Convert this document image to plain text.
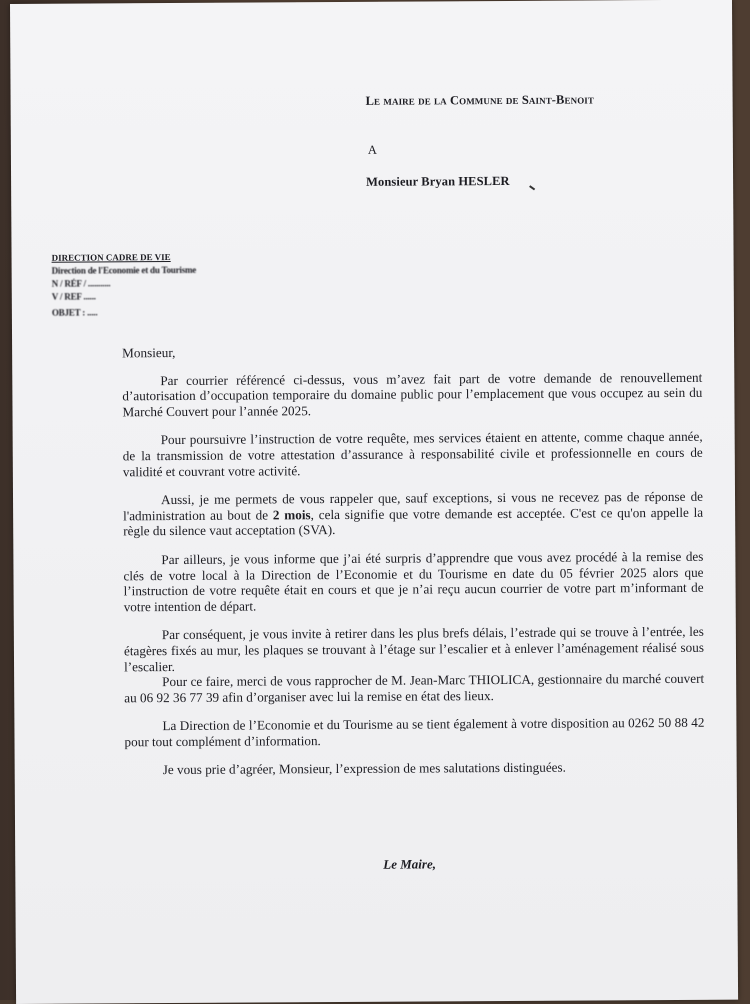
Le maire de la Commune de Saint-Benoit
A
Monsieur Bryan HESLER
DIRECTION CADRE DE VIE
Direction de l'Economie et du Tourisme
N / RÉF / ...........
V / REF ......
OBJET : .....
Monsieur,

Par courrier référencé ci-dessus, vous m’avez fait part de votre demande de renouvellement d’autorisation d’occupation temporaire du domaine public pour l’emplacement que vous occupez au sein du Marché Couvert pour l’année 2025.

Pour poursuivre l’instruction de votre requête, mes services étaient en attente, comme chaque année, de la transmission de votre attestation d’assurance à responsabilité civile et professionnelle en cours de validité et couvrant votre activité.

Aussi, je me permets de vous rappeler que, sauf exceptions, si vous ne recevez pas de réponse de l'administration au bout de 2 mois, cela signifie que votre demande est acceptée. C'est ce qu'on appelle la règle du silence vaut acceptation (SVA).

Par ailleurs, je vous informe que j’ai été surpris d’apprendre que vous avez procédé à la remise des clés de votre local à la Direction de l’Economie et du Tourisme en date du 05 février 2025 alors que l’instruction de votre requête était en cours et que je n’ai reçu aucun courrier de votre part m’informant de votre intention de départ.

Par conséquent, je vous invite à retirer dans les plus brefs délais, l’estrade qui se trouve à l’entrée, les étagères fixés au mur, les plaques se trouvant à l’étage sur l’escalier et à enlever l’aménagement réalisé sous l’escalier.

Pour ce faire, merci de vous rapprocher de M. Jean-Marc THIOLICA, gestionnaire du marché couvert au 06 92 36 77 39 afin d’organiser avec lui la remise en état des lieux.

La Direction de l’Economie et du Tourisme au se tient également à votre disposition au 0262 50 88 42 pour tout complément d’information.

Je vous prie d’agréer, Monsieur, l’expression de mes salutations distinguées.

Le Maire,
